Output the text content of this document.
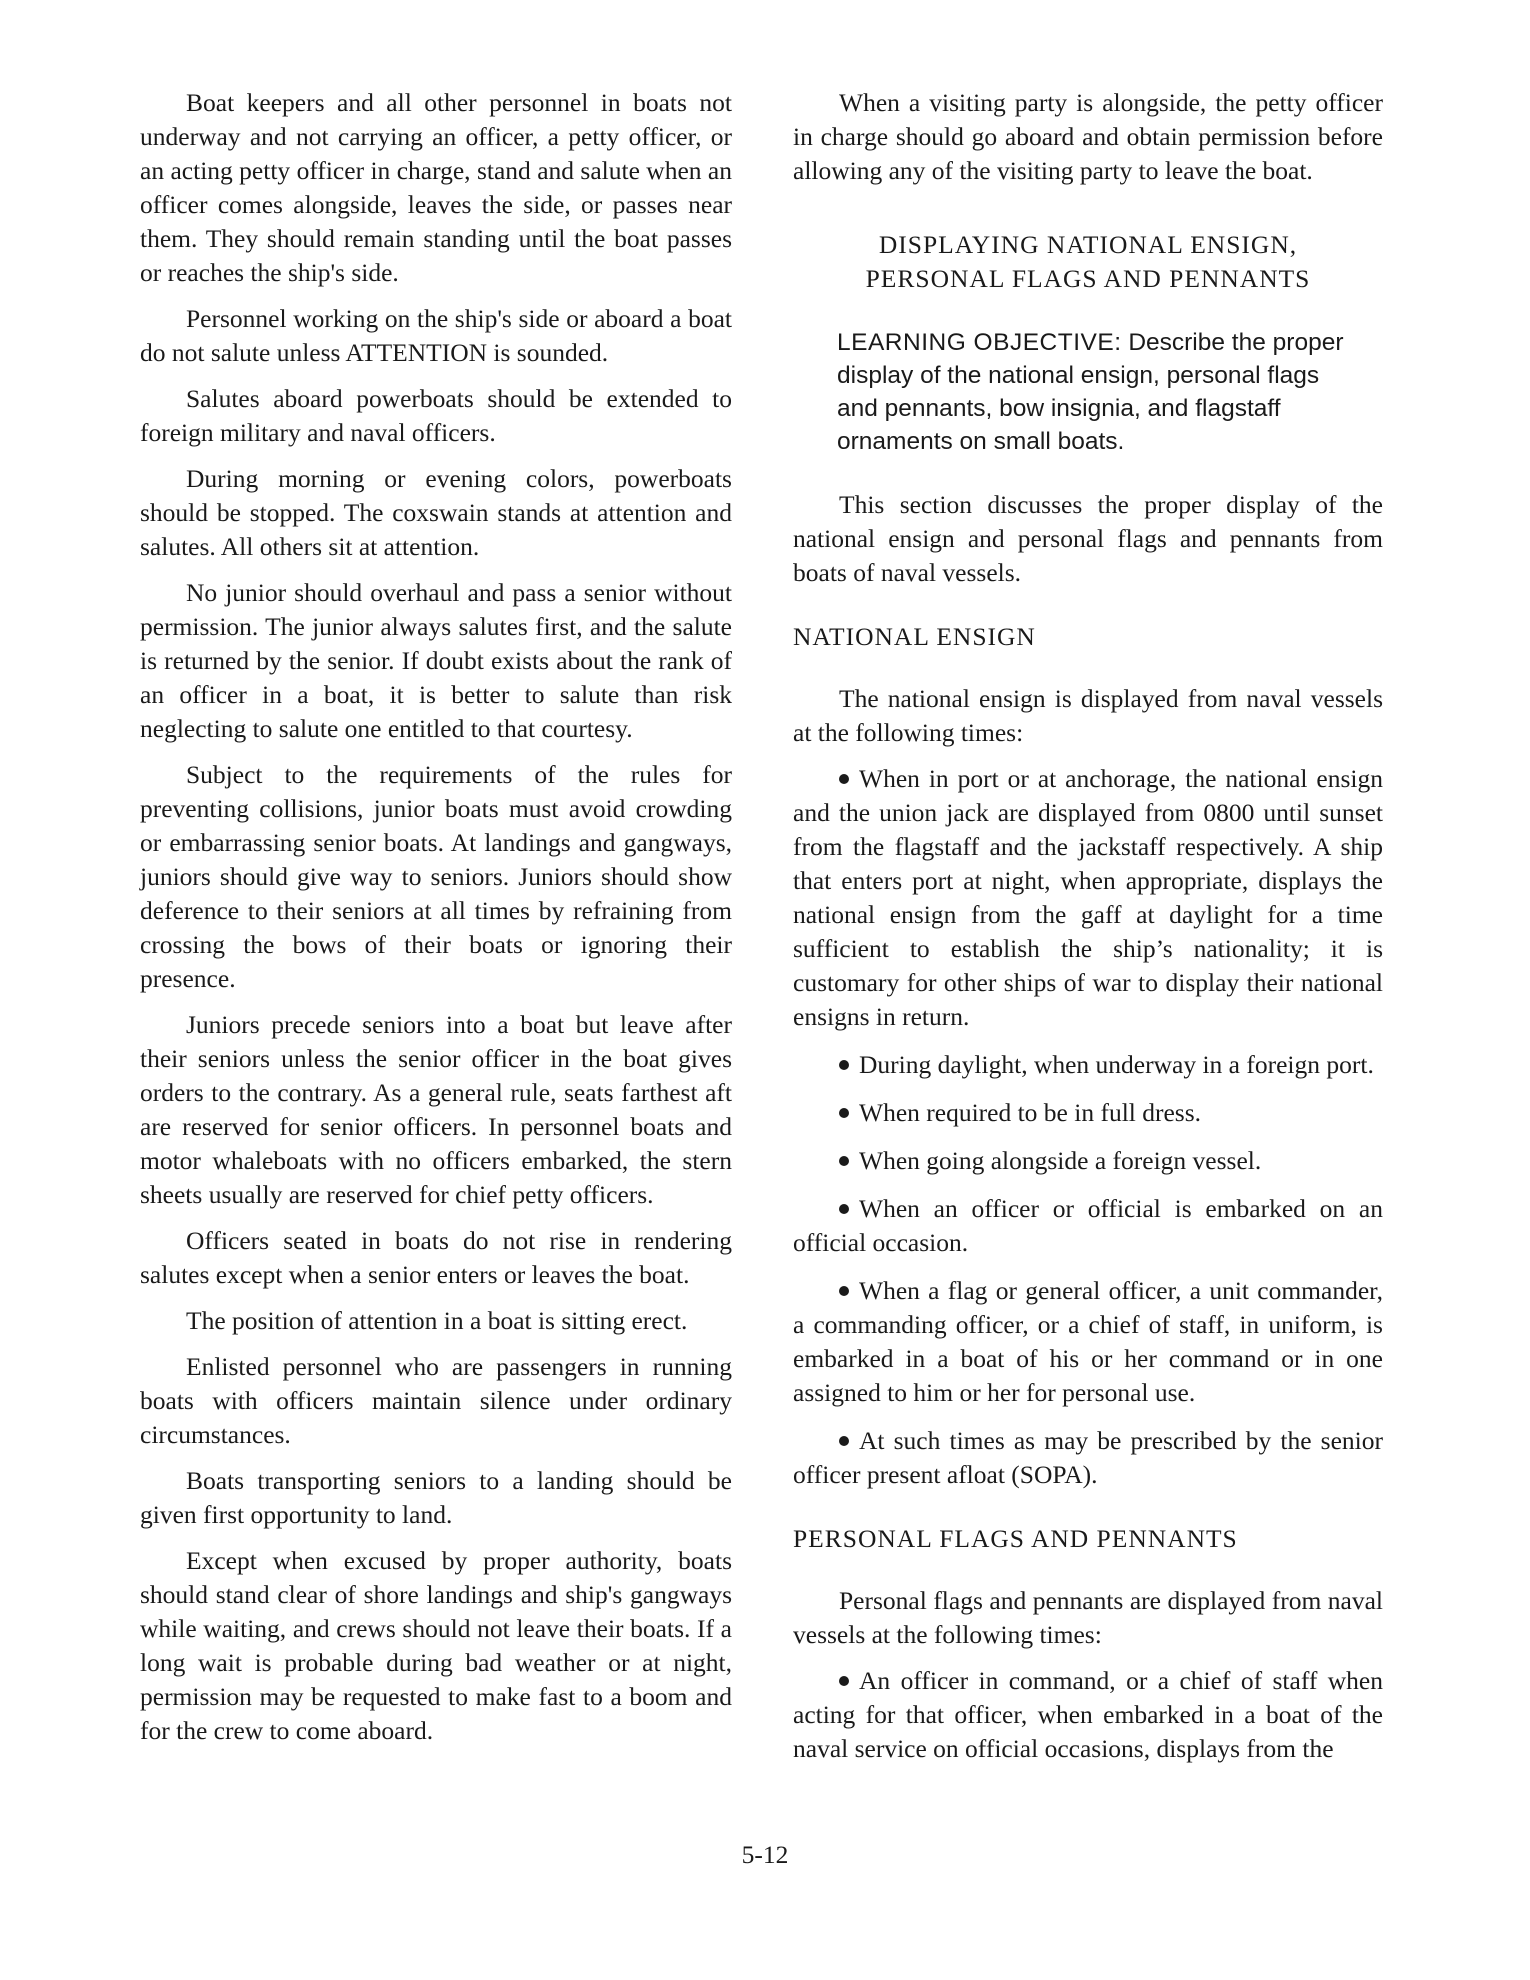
Boat keepers and all other personnel in boats not underway and not carrying an officer, a petty officer, or an acting petty officer in charge, stand and salute when an officer comes alongside, leaves the side, or passes near them. They should remain standing until the boat passes or reaches the ship's side.

Personnel working on the ship's side or aboard a boat do not salute unless ATTENTION is sounded.

Salutes aboard powerboats should be extended to foreign military and naval officers.

During morning or evening colors, powerboats should be stopped. The coxswain stands at attention and salutes. All others sit at attention.

No junior should overhaul and pass a senior without permission. The junior always salutes first, and the salute is returned by the senior. If doubt exists about the rank of an officer in a boat, it is better to salute than risk neglecting to salute one entitled to that courtesy.

Subject to the requirements of the rules for preventing collisions, junior boats must avoid crowding or embarrassing senior boats. At landings and gangways, juniors should give way to seniors. Juniors should show deference to their seniors at all times by refraining from crossing the bows of their boats or ignoring their presence.

Juniors precede seniors into a boat but leave after their seniors unless the senior officer in the boat gives orders to the contrary. As a general rule, seats farthest aft are reserved for senior officers. In personnel boats and motor whaleboats with no officers embarked, the stern sheets usually are reserved for chief petty officers.

Officers seated in boats do not rise in rendering salutes except when a senior enters or leaves the boat.

The position of attention in a boat is sitting erect.

Enlisted personnel who are passengers in running boats with officers maintain silence under ordinary circumstances.

Boats transporting seniors to a landing should be given first opportunity to land.

Except when excused by proper authority, boats should stand clear of shore landings and ship's gangways while waiting, and crews should not leave their boats. If a long wait is probable during bad weather or at night, permission may be requested to make fast to a boom and for the crew to come aboard.

When a visiting party is alongside, the petty officer in charge should go aboard and obtain permission before allowing any of the visiting party to leave the boat.

DISPLAYING NATIONAL ENSIGN,
PERSONAL FLAGS AND PENNANTS
LEARNING OBJECTIVE: Describe the proper display of the national ensign, personal flags and pennants, bow insignia, and flagstaff ornaments on small boats.

This section discusses the proper display of the national ensign and personal flags and pennants from boats of naval vessels.

NATIONAL ENSIGN

The national ensign is displayed from naval vessels at the following times:

When in port or at anchorage, the national ensign and the union jack are displayed from 0800 until sunset from the flagstaff and the jackstaff respectively. A ship that enters port at night, when appropriate, displays the national ensign from the gaff at daylight for a time sufficient to establish the ship’s nationality; it is customary for other ships of war to display their national ensigns in return.

During daylight, when underway in a foreign port.

When required to be in full dress.

When going alongside a foreign vessel.

When an officer or official is embarked on an official occasion.

When a flag or general officer, a unit commander, a commanding officer, or a chief of staff, in uniform, is embarked in a boat of his or her command or in one assigned to him or her for personal use.

At such times as may be prescribed by the senior officer present afloat (SOPA).

PERSONAL FLAGS AND PENNANTS

Personal flags and pennants are displayed from naval vessels at the following times:

An officer in command, or a chief of staff when acting for that officer, when embarked in a boat of the naval service on official occasions, displays from the

5-12
